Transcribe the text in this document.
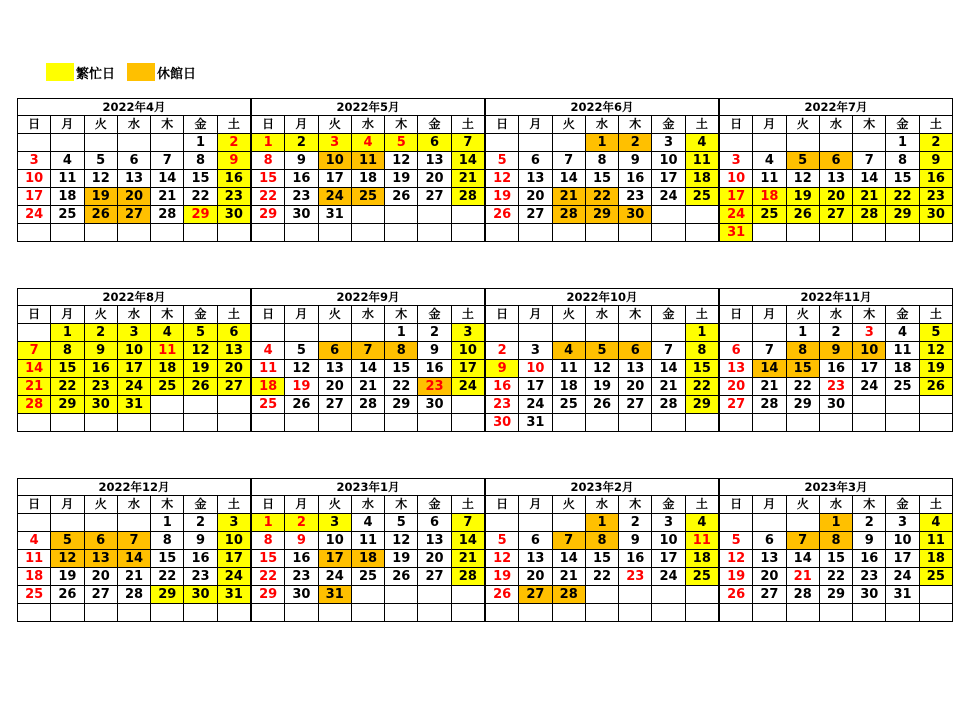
繁忙日	休館日
2022年4月						
日	月	火	水	木	金	土
					1	2
3	4	5	6	7	8	9
10	11	12	13	14	15	16
17	18	19	20	21	22	23
24	25	26	27	28	29	30

2022年5月						
日	月	火	水	木	金	土
1	2	3	4	5	6	7
8	9	10	11	12	13	14
15	16	17	18	19	20	21
22	23	24	25	26	27	28
29	30	31				

2022年6月						
日	月	火	水	木	金	土
			1	2	3	4
5	6	7	8	9	10	11
12	13	14	15	16	17	18
19	20	21	22	23	24	25
26	27	28	29	30		

2022年7月						
日	月	火	水	木	金	土
					1	2
3	4	5	6	7	8	9
10	11	12	13	14	15	16
17	18	19	20	21	22	23
24	25	26	27	28	29	30
31						
2022年8月						
日	月	火	水	木	金	土
	1	2	3	4	5	6
7	8	9	10	11	12	13
14	15	16	17	18	19	20
21	22	23	24	25	26	27
28	29	30	31			

2022年9月						
日	月	火	水	木	金	土
				1	2	3
4	5	6	7	8	9	10
11	12	13	14	15	16	17
18	19	20	21	22	23	24
25	26	27	28	29	30	

2022年10月						
日	月	火	水	木	金	土
						1
2	3	4	5	6	7	8
9	10	11	12	13	14	15
16	17	18	19	20	21	22
23	24	25	26	27	28	29
30	31					
2022年11月						
日	月	火	水	木	金	土
		1	2	3	4	5
6	7	8	9	10	11	12
13	14	15	16	17	18	19
20	21	22	23	24	25	26
27	28	29	30			

2022年12月						
日	月	火	水	木	金	土
				1	2	3
4	5	6	7	8	9	10
11	12	13	14	15	16	17
18	19	20	21	22	23	24
25	26	27	28	29	30	31

2023年1月						
日	月	火	水	木	金	土
1	2	3	4	5	6	7
8	9	10	11	12	13	14
15	16	17	18	19	20	21
22	23	24	25	26	27	28
29	30	31				

2023年2月						
日	月	火	水	木	金	土
			1	2	3	4
5	6	7	8	9	10	11
12	13	14	15	16	17	18
19	20	21	22	23	24	25
26	27	28				

2023年3月						
日	月	火	水	木	金	土
			1	2	3	4
5	6	7	8	9	10	11
12	13	14	15	16	17	18
19	20	21	22	23	24	25
26	27	28	29	30	31	
